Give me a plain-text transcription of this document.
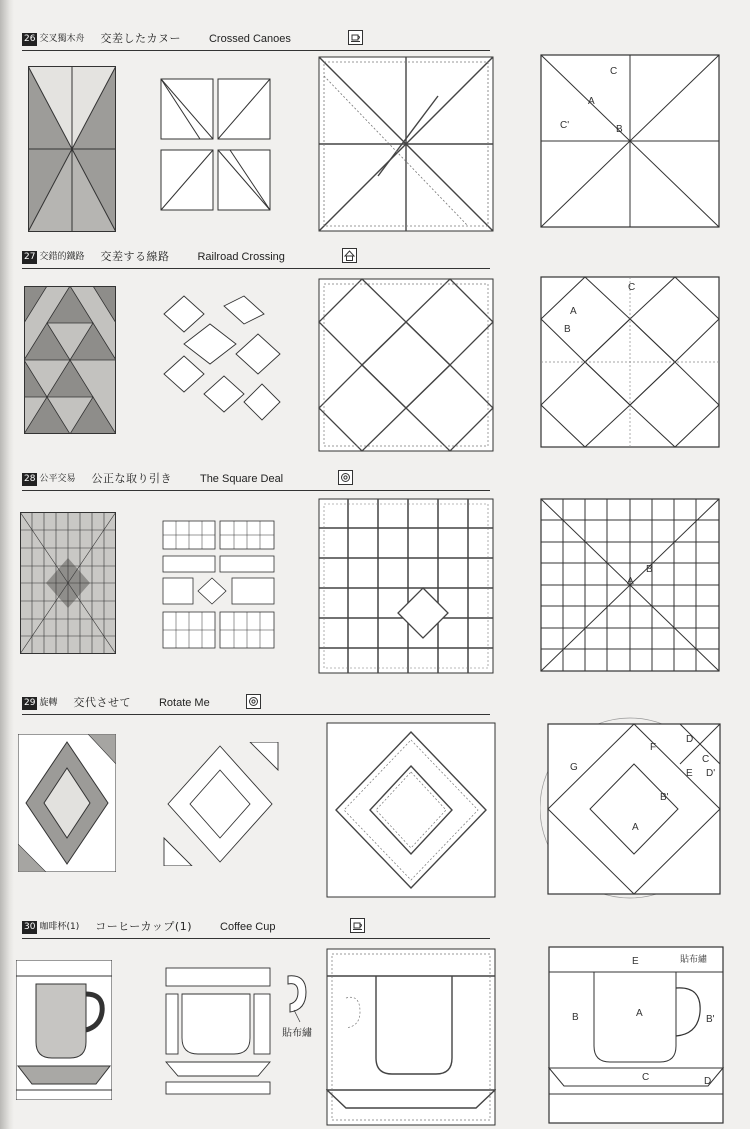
26 交叉獨木舟 交差したカヌー	Crossed Canoes
C
A
C'	B
27 交錯的鐵路 交差する線路	Railroad Crossing
C
A
B
28 公平交易 公正な取り引き	The Square Deal
A
B
29 旋轉 交代させて	Rotate Me
D
F
C
G
E D'
B'
A
30 咖啡杯(1) コーヒーカップ(1)	Coffee Cup
貼布繡
E	貼布繡
B	A
B'
C	D
